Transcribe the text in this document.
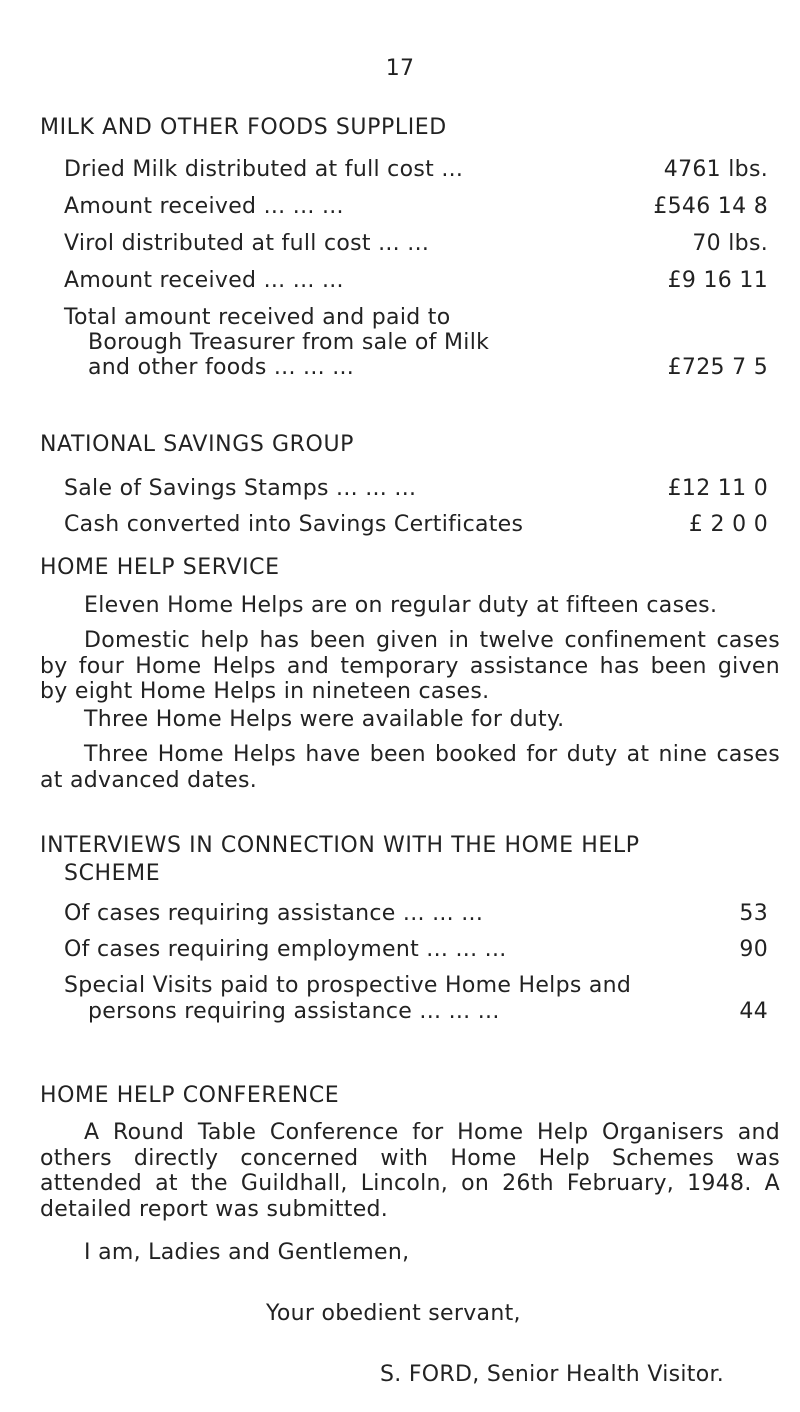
17
MILK AND OTHER FOODS SUPPLIED
Dried Milk distributed at full cost ...	4761 lbs.
Amount received ... ... ...	£546 14 8
Virol distributed at full cost ... ...	70 lbs.
Amount received ... ... ...	£9 16 11
Total amount received and paid to
Borough Treasurer from sale of Milk
and other foods ... ... ...	£725 7 5
NATIONAL SAVINGS GROUP
Sale of Savings Stamps ... ... ...	£12 11 0
Cash converted into Savings Certificates	£ 2 0 0
HOME HELP SERVICE
Eleven Home Helps are on regular duty at fifteen cases.
Domestic help has been given in twelve confinement cases by four Home Helps and temporary assistance has been given by eight Home Helps in nineteen cases.
Three Home Helps were available for duty.
Three Home Helps have been booked for duty at nine cases at advanced dates.
INTERVIEWS IN CONNECTION WITH THE HOME HELP
SCHEME
Of cases requiring assistance ... ... ...	53
Of cases requiring employment ... ... ...	90
Special Visits paid to prospective Home Helps and
persons requiring assistance ... ... ...	44
HOME HELP CONFERENCE
A Round Table Conference for Home Help Organisers and others directly concerned with Home Help Schemes was attended at the Guildhall, Lincoln, on 26th February, 1948. A detailed report was submitted.
I am, Ladies and Gentlemen,
Your obedient servant,
S. FORD, Senior Health Visitor.
